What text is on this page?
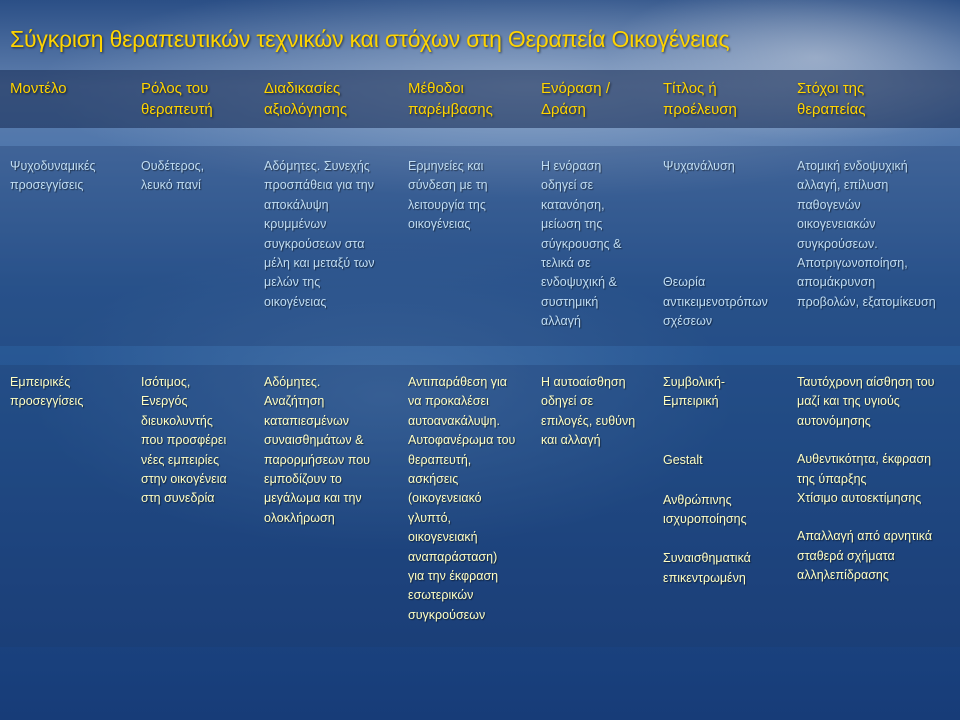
Σύγκριση θεραπευτικών τεχνικών και στόχων στη Θεραπεία Οικογένειας
Μοντέλο	Ρόλος του
θεραπευτή
Διαδικασίες
αξιολόγησης
Μέθοδοι
παρέμβασης
Ενόραση /
Δράση
Τίτλος ή
προέλευση
Στόχοι της
θεραπείας
Ψυχοδυναμικές
προσεγγίσεις
Ουδέτερος,
λευκό πανί
Αδόμητες. Συνεχής
προσπάθεια για την
αποκάλυψη
κρυμμένων
συγκρούσεων στα
μέλη και μεταξύ των
μελών της
οικογένειας
Ερμηνείες και
σύνδεση με τη
λειτουργία της
οικογένειας
Η ενόραση
οδηγεί σε
κατανόηση,
μείωση της
σύγκρουσης &
τελικά σε
ενδοψυχική &
συστημική
αλλαγή
Ψυχανάλυση
Θεωρία
αντικειμενοτρόπων
σχέσεων
Ατομική ενδοψυχική
αλλαγή, επίλυση
παθογενών
οικογενειακών
συγκρούσεων.
Αποτριγωνοποίηση,
απομάκρυνση
προβολών, εξατομίκευση
Εμπειρικές
προσεγγίσεις
Ισότιμος,
Ενεργός
διευκολυντής
που προσφέρει
νέες εμπειρίες
στην οικογένεια
στη συνεδρία
Αδόμητες.
Αναζήτηση
καταπιεσμένων
συναισθημάτων &
παρορμήσεων που
εμποδίζουν το
μεγάλωμα και την
ολοκλήρωση
Αντιπαράθεση για
να προκαλέσει
αυτοανακάλυψη.
Αυτοφανέρωμα του
θεραπευτή,
ασκήσεις
(οικογενειακό
γλυπτό,
οικογενειακή
αναπαράσταση)
για την έκφραση
εσωτερικών
συγκρούσεων
Η αυτοαίσθηση
οδηγεί σε
επιλογές, ευθύνη
και αλλαγή
Συμβολική-
Εμπειρική
Gestalt
Ανθρώπινης
ισχυροποίησης
Συναισθηματικά
επικεντρωμένη
Ταυτόχρονη αίσθηση του
μαζί και της υγιούς
αυτονόμησης
Αυθεντικότητα, έκφραση
της ύπαρξης
Χτίσιμο αυτοεκτίμησης
Απαλλαγή από αρνητικά
σταθερά σχήματα
αλληλεπίδρασης
